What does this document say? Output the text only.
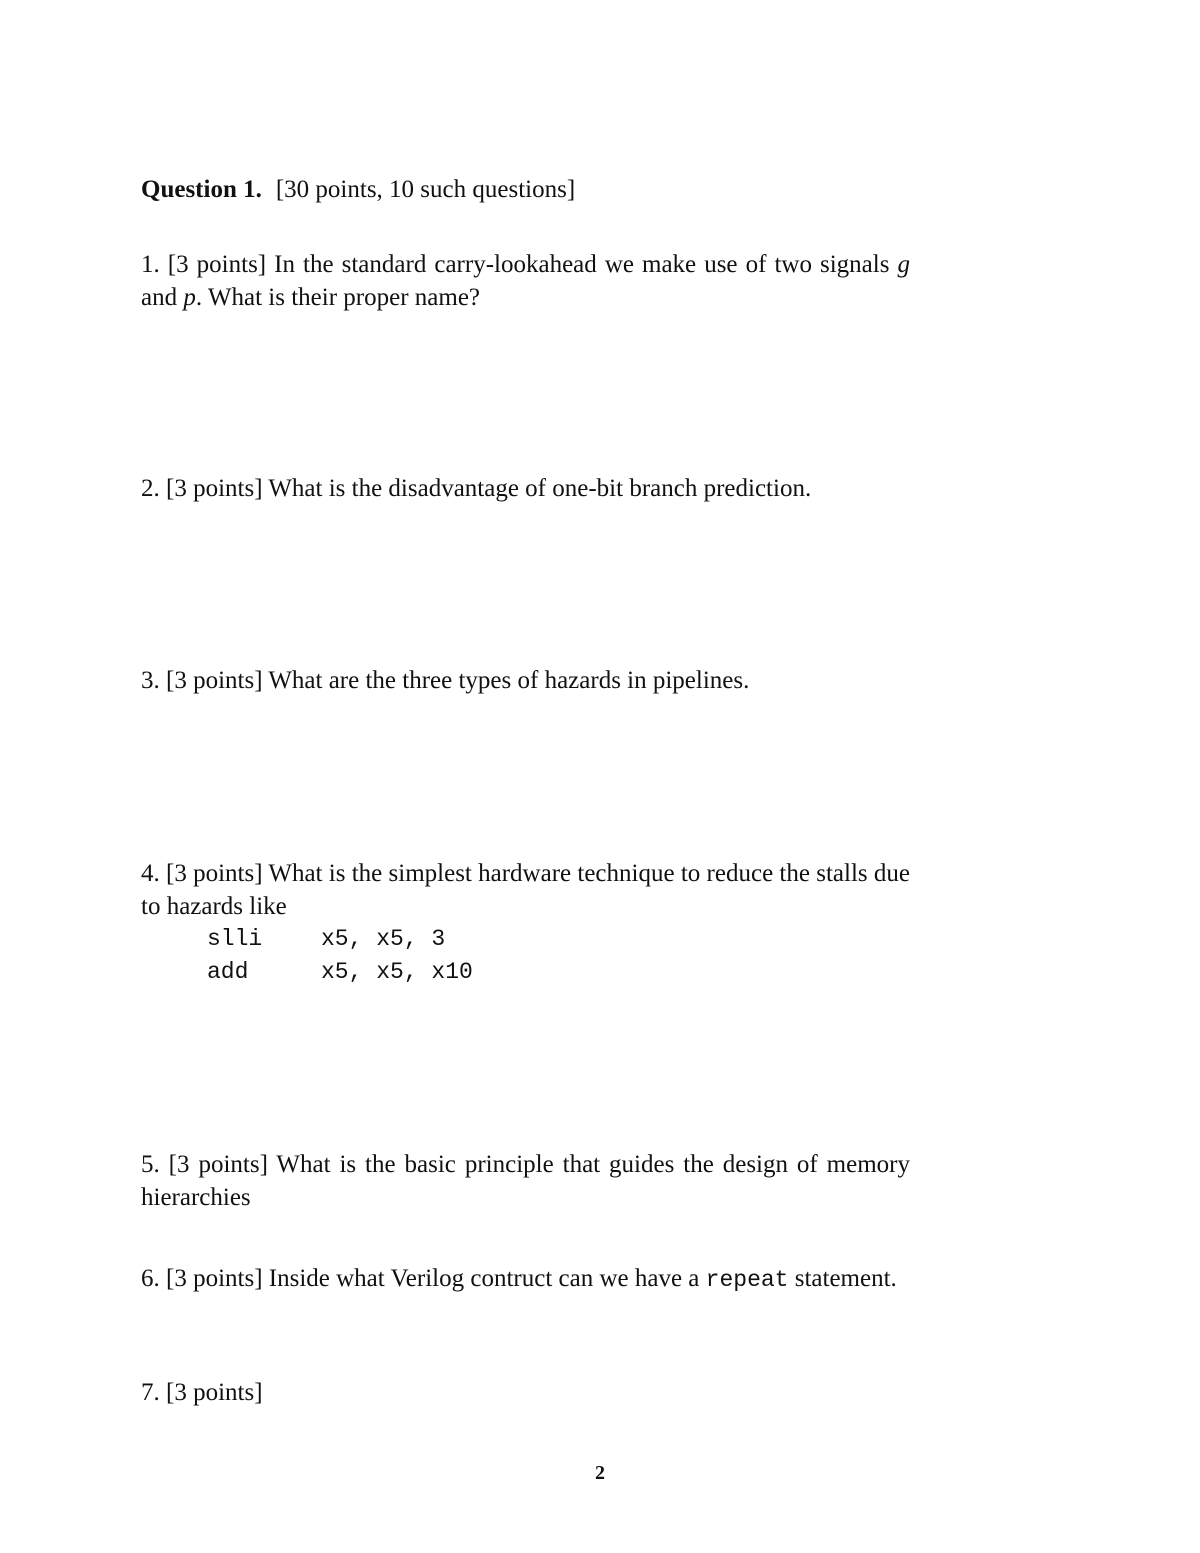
Question 1. [30 points, 10 such questions]
1. [3 points] In the standard carry-lookahead we make use of two signals g and p. What is their proper name?
2. [3 points] What is the disadvantage of one-bit branch prediction.
3. [3 points] What are the three types of hazards in pipelines.
4. [3 points] What is the simplest hardware technique to reduce the stalls due to hazards like
slli	x5, x5, 3
add	x5, x5, x10
5. [3 points] What is the basic principle that guides the design of memory hierarchies
6. [3 points] Inside what Verilog contruct can we have a repeat statement.
7. [3 points]
2
